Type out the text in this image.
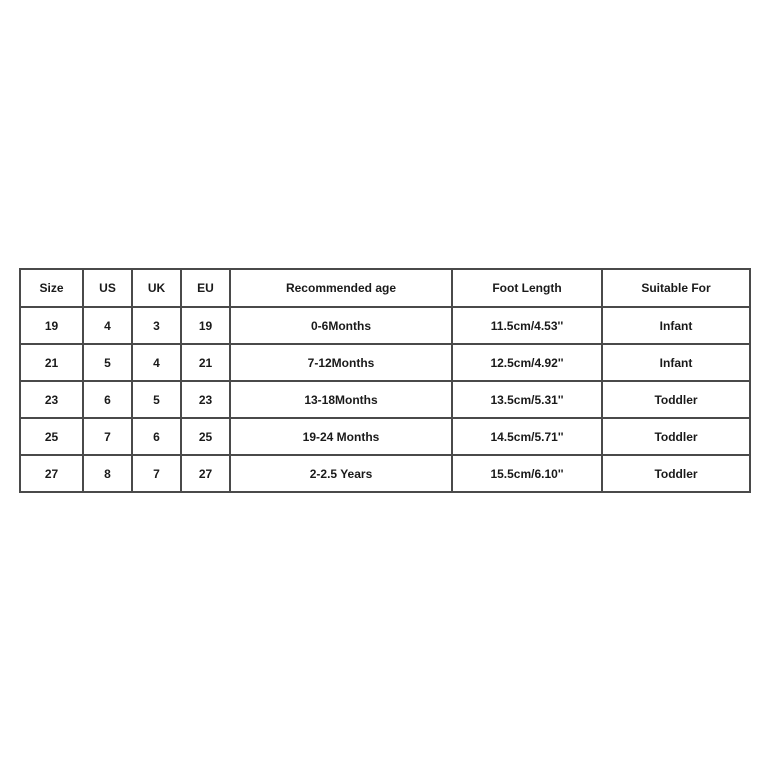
Size	US	UK	EU	Recommended age	Foot Length	Suitable For
19	4	3	19	0-6Months	11.5cm/4.53''	Infant
21	5	4	21	7-12Months	12.5cm/4.92''	Infant
23	6	5	23	13-18Months	13.5cm/5.31''	Toddler
25	7	6	25	19-24 Months	14.5cm/5.71''	Toddler
27	8	7	27	2-2.5 Years	15.5cm/6.10''	Toddler
